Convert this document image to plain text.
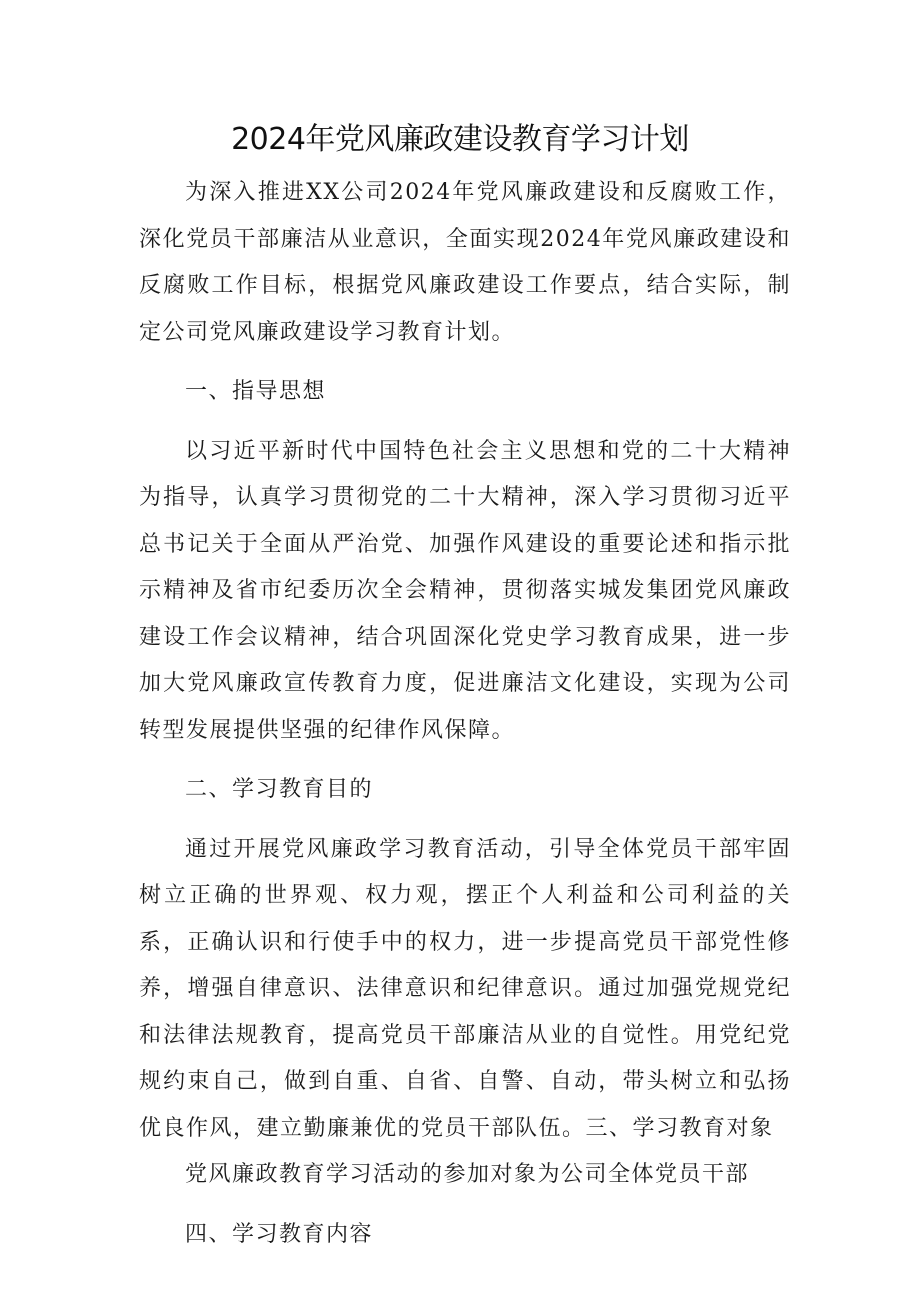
2024年党风廉政建设教育学习计划

为深入推进XX公司2024年党风廉政建设和反腐败工作，深化党员干部廉洁从业意识，全面实现2024年党风廉政建设和反腐败工作目标，根据党风廉政建设工作要点，结合实际，制定公司党风廉政建设学习教育计划。

一、指导思想

以习近平新时代中国特色社会主义思想和党的二十大精神为指导，认真学习贯彻党的二十大精神，深入学习贯彻习近平总书记关于全面从严治党、加强作风建设的重要论述和指示批示精神及省市纪委历次全会精神，贯彻落实城发集团党风廉政建设工作会议精神，结合巩固深化党史学习教育成果，进一步加大党风廉政宣传教育力度，促进廉洁文化建设，实现为公司转型发展提供坚强的纪律作风保障。

二、学习教育目的

通过开展党风廉政学习教育活动，引导全体党员干部牢固树立正确的世界观、权力观，摆正个人利益和公司利益的关系，正确认识和行使手中的权力，进一步提高党员干部党性修养，增强自律意识、法律意识和纪律意识。通过加强党规党纪和法律法规教育，提高党员干部廉洁从业的自觉性。用党纪党规约束自己，做到自重、自省、自警、自动，带头树立和弘扬优良作风，建立勤廉兼优的党员干部队伍。三、学习教育对象

党风廉政教育学习活动的参加对象为公司全体党员干部

四、学习教育内容
